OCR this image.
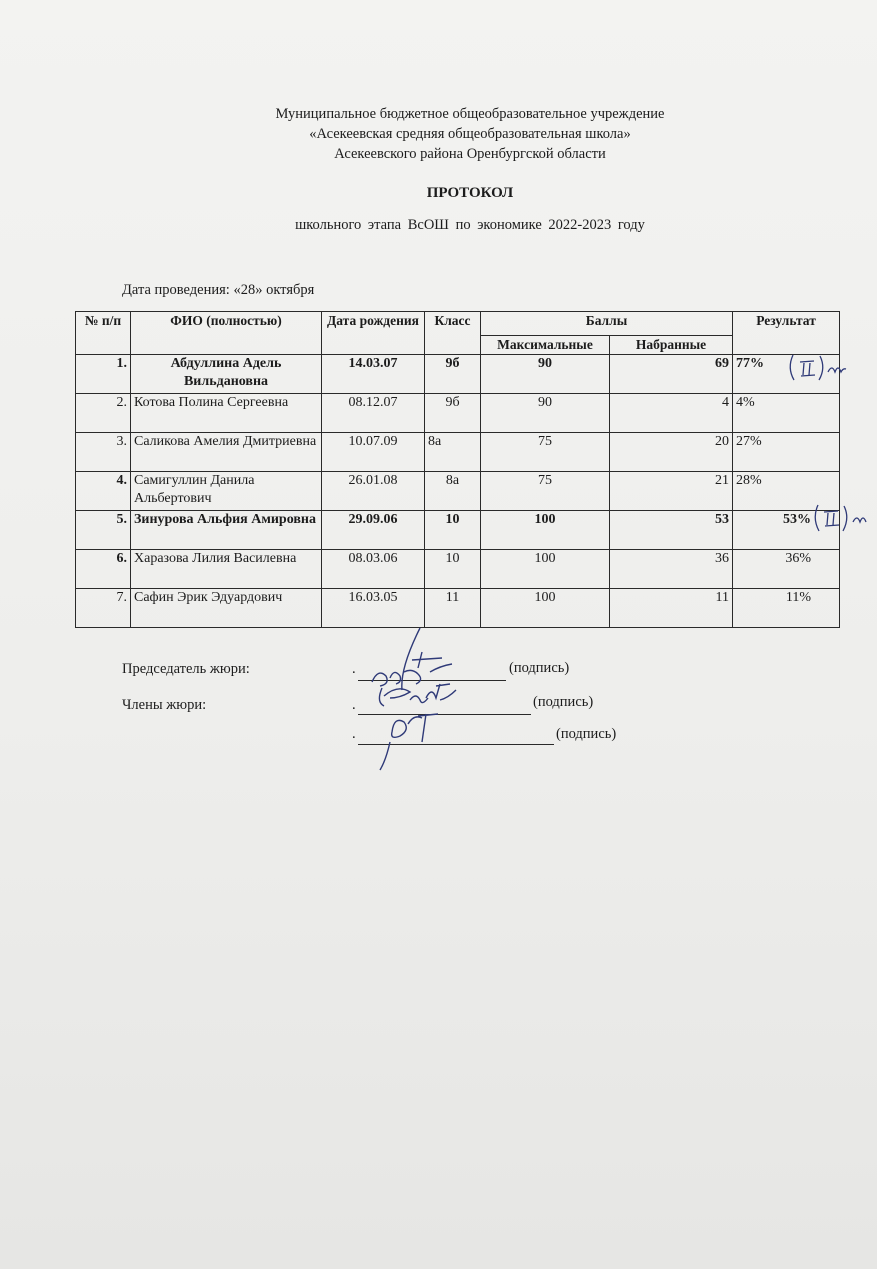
Муниципальное бюджетное общеобразовательное учреждение
«Асекеевская средняя общеобразовательная школа»
Асекеевского района Оренбургской области
ПРОТОКОЛ
школьного этапа ВсОШ по экономике 2022-2023 году
Дата проведения: «28» октября
№ п/п	ФИО (полностью)	Дата рождения	Класс	Баллы		Результат
				Максимальные	Набранные	
1.	Абдуллина Адель Вильдановна	14.03.07	9б	90	69	77%
2.	Котова Полина Сергеевна	08.12.07	9б	90	4	4%
3.	Саликова Амелия Дмитриевна	10.07.09	8а	75	20	27%
4.	Самигуллин Данила Альбертович	26.01.08	8а	75	21	28%
5.	Зинурова Альфия Амировна	29.09.06	10	100	53	53%
6.	Харазова Лилия Василевна	08.03.06	10	100	36	36%
7.	Сафин Эрик Эдуардович	16.03.05	11	100	11	11%
Председатель жюри:	.	(подпись)
Члены жюри:	.	(подпись)
.	(подпись)
II м
II м
